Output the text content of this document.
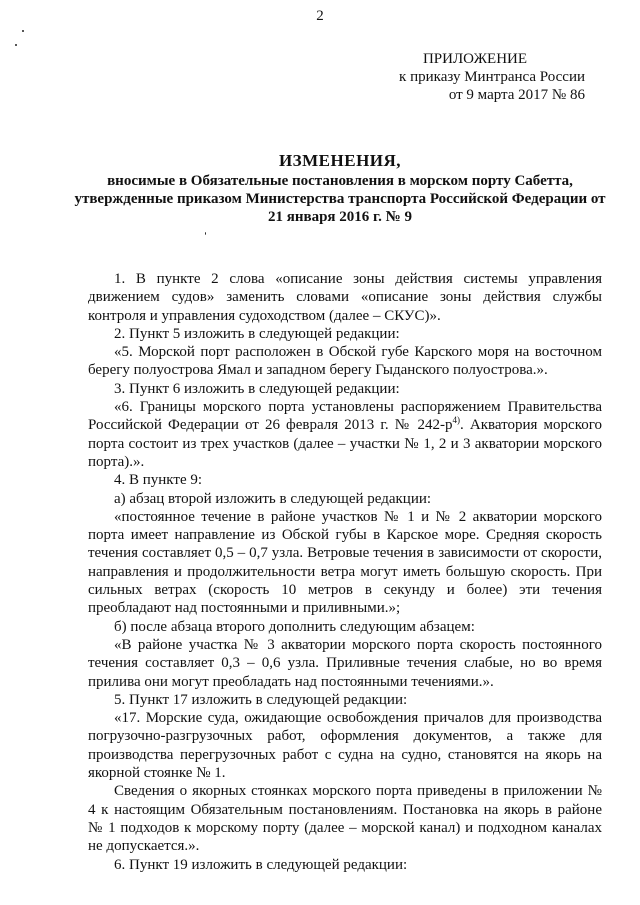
2
ПРИЛОЖЕНИЕ
к приказу Минтранса России
от 9 марта 2017 № 86
ИЗМЕНЕНИЯ,
вносимые в Обязательные постановления в морском порту Сабетта,
утвержденные приказом Министерства транспорта Российской Федерации от
21 января 2016 г. № 9

1. В пункте 2 слова «описание зоны действия системы управления движением судов» заменить словами «описание зоны действия службы контроля и управления судоходством (далее – СКУС)».

2. Пункт 5 изложить в следующей редакции:

«5. Морской порт расположен в Обской губе Карского моря на восточном берегу полуострова Ямал и западном берегу Гыданского полуострова.».

3. Пункт 6 изложить в следующей редакции:

«6. Границы морского порта установлены распоряжением Правительства Российской Федерации от 26 февраля 2013 г. № $242-р^{4)}$. Акватория морского порта состоит из трех участков (далее – участки № 1, 2 и 3 акватории морского порта).».

4. В пункте 9:

а) абзац второй изложить в следующей редакции:

«постоянное течение в районе участков № 1 и № 2 акватории морского порта имеет направление из Обской губы в Карское море. Средняя скорость течения составляет 0,5 – 0,7 узла. Ветровые течения в зависимости от скорости, направления и продолжительности ветра могут иметь большую скорость. При сильных ветрах (скорость 10 метров в секунду и более) эти течения преобладают над постоянными и приливными.»;

б) после абзаца второго дополнить следующим абзацем:

«В районе участка № 3 акватории морского порта скорость постоянного течения составляет 0,3 – 0,6 узла. Приливные течения слабые, но во время прилива они могут преобладать над постоянными течениями.».

5. Пункт 17 изложить в следующей редакции:

«17. Морские суда, ожидающие освобождения причалов для производства погрузочно-разгрузочных работ, оформления документов, а также для производства перегрузочных работ с судна на судно, становятся на якорь на якорной стоянке № 1.

Сведения о якорных стоянках морского порта приведены в приложении № 4 к настоящим Обязательным постановлениям. Постановка на якорь в районе № 1 подходов к морскому порту (далее – морской канал) и подходном каналах не допускается.».

6. Пункт 19 изложить в следующей редакции:
